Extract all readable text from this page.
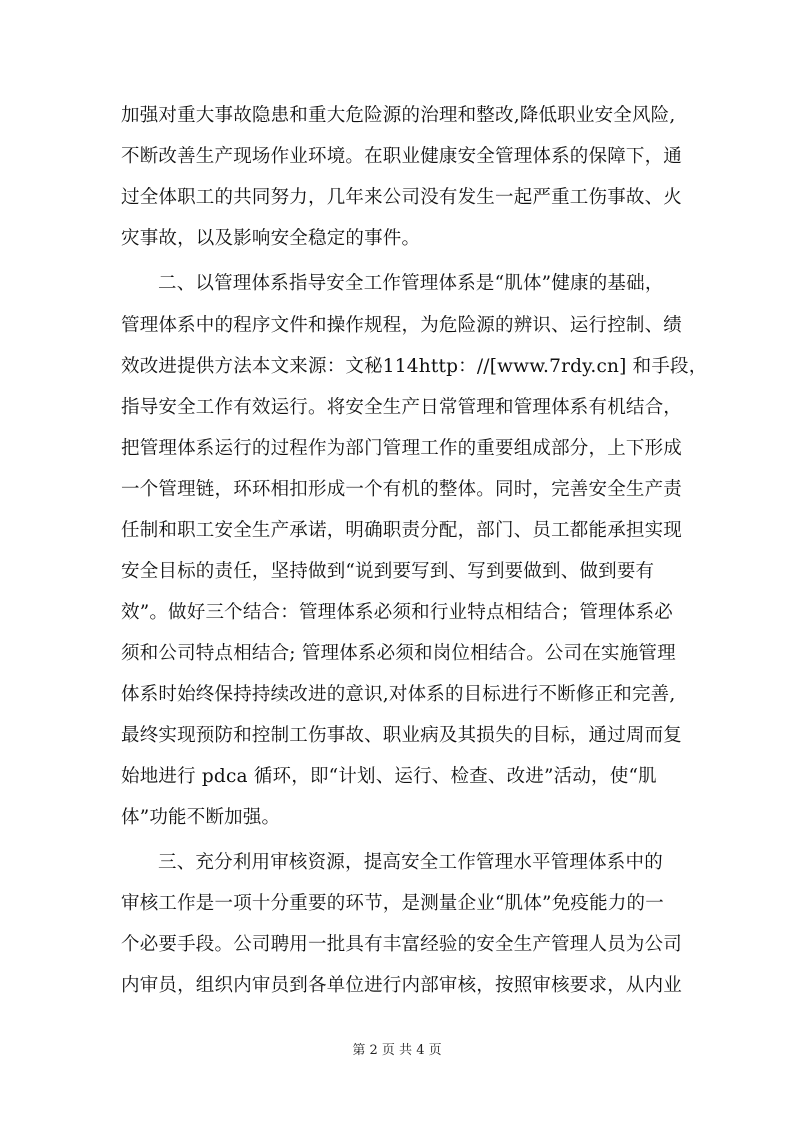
加强对重大事故隐患和重大危险源的治理和整改,降低职业安全风险,
不断改善生产现场作业环境。在职业健康安全管理体系的保障下，通
过全体职工的共同努力，几年来公司没有发生一起严重工伤事故、火
灾事故，以及影响安全稳定的事件。
二、以管理体系指导安全工作管理体系是“肌体”健康的基础，
管理体系中的程序文件和操作规程，为危险源的辨识、运行控制、绩
效改进提供方法本文来源：文秘114http：//[www.7rdy.cn] 和手段，
指导安全工作有效运行。将安全生产日常管理和管理体系有机结合，
把管理体系运行的过程作为部门管理工作的重要组成部分，上下形成
一个管理链，环环相扣形成一个有机的整体。同时，完善安全生产责
任制和职工安全生产承诺，明确职责分配，部门、员工都能承担实现
安全目标的责任，坚持做到“说到要写到、写到要做到、做到要有
效”。做好三个结合：管理体系必须和行业特点相结合；管理体系必
须和公司特点相结合; 管理体系必须和岗位相结合。公司在实施管理
体系时始终保持持续改进的意识,对体系的目标进行不断修正和完善,
最终实现预防和控制工伤事故、职业病及其损失的目标，通过周而复
始地进行 pdca 循环，即“计划、运行、检查、改进”活动，使“肌
体”功能不断加强。
三、充分利用审核资源，提高安全工作管理水平管理体系中的
审核工作是一项十分重要的环节，是测量企业“肌体”免疫能力的一
个必要手段。公司聘用一批具有丰富经验的安全生产管理人员为公司
内审员，组织内审员到各单位进行内部审核，按照审核要求，从内业
第 2 页 共 4 页
